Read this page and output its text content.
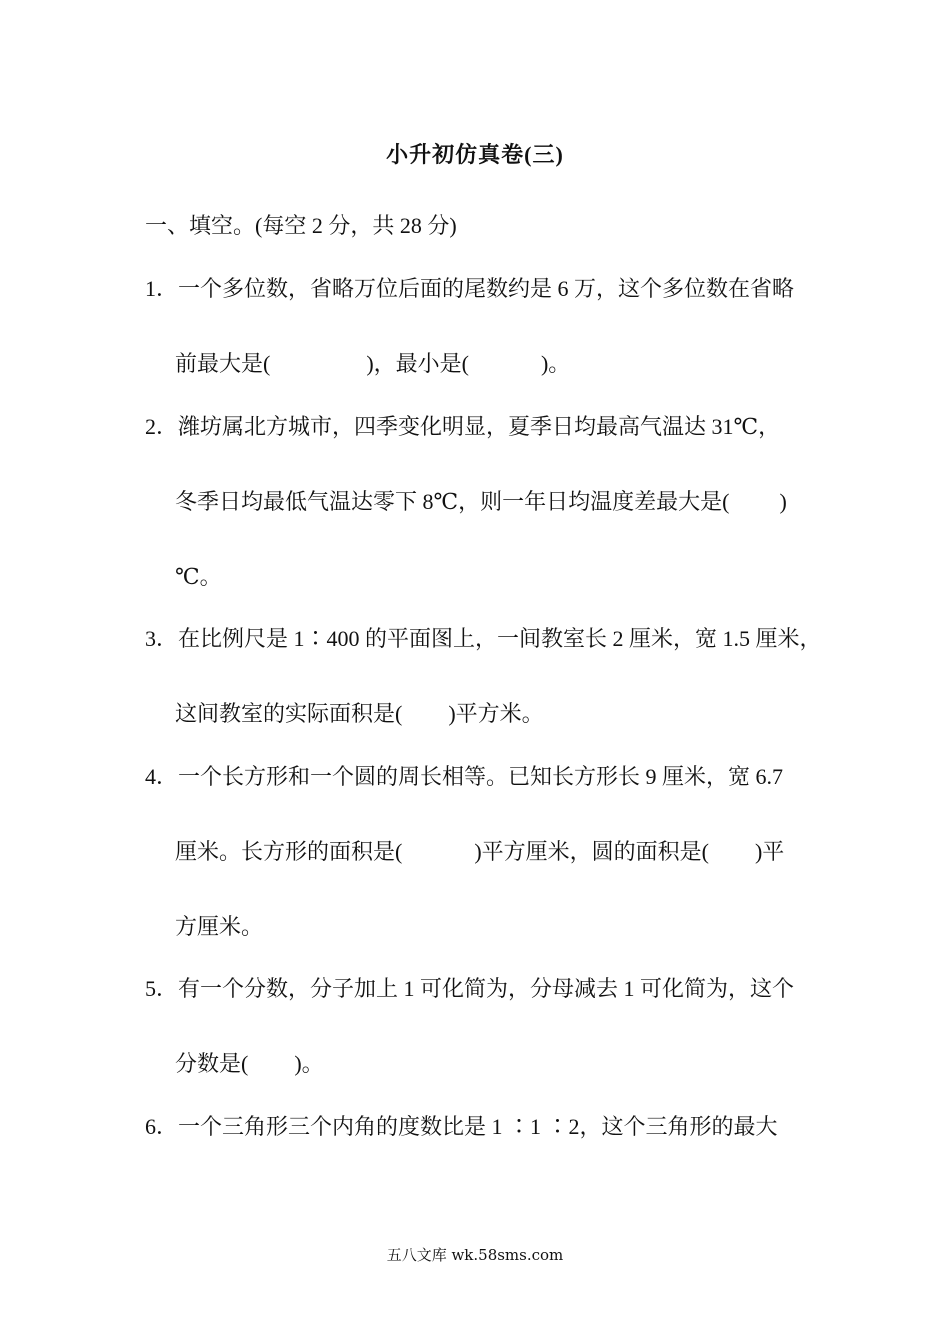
小升初仿真卷(三)
一、填空。(每空 2 分，共 28 分)
1．一个多位数，省略万位后面的尾数约是 6 万，这个多位数在省略
前最大是(	)，最小是(	)。
2．潍坊属北方城市，四季变化明显，夏季日均最高气温达 31℃，
冬季日均最低气温达零下 8℃，则一年日均温度差最大是( )
℃。
3．在比例尺是 1∶400 的平面图上，一间教室长 2 厘米，宽 1.5 厘米，
这间教室的实际面积是( )平方米。
4．一个长方形和一个圆的周长相等。已知长方形长 9 厘米，宽 6.7
厘米。长方形的面积是(	)平方厘米，圆的面积是( )平
方厘米。
5．有一个分数，分子加上 1 可化简为，分母减去 1 可化简为，这个
分数是( )。
6．一个三角形三个内角的度数比是 1 ∶1 ∶2，这个三角形的最大
五八文库 wk.58sms.com
